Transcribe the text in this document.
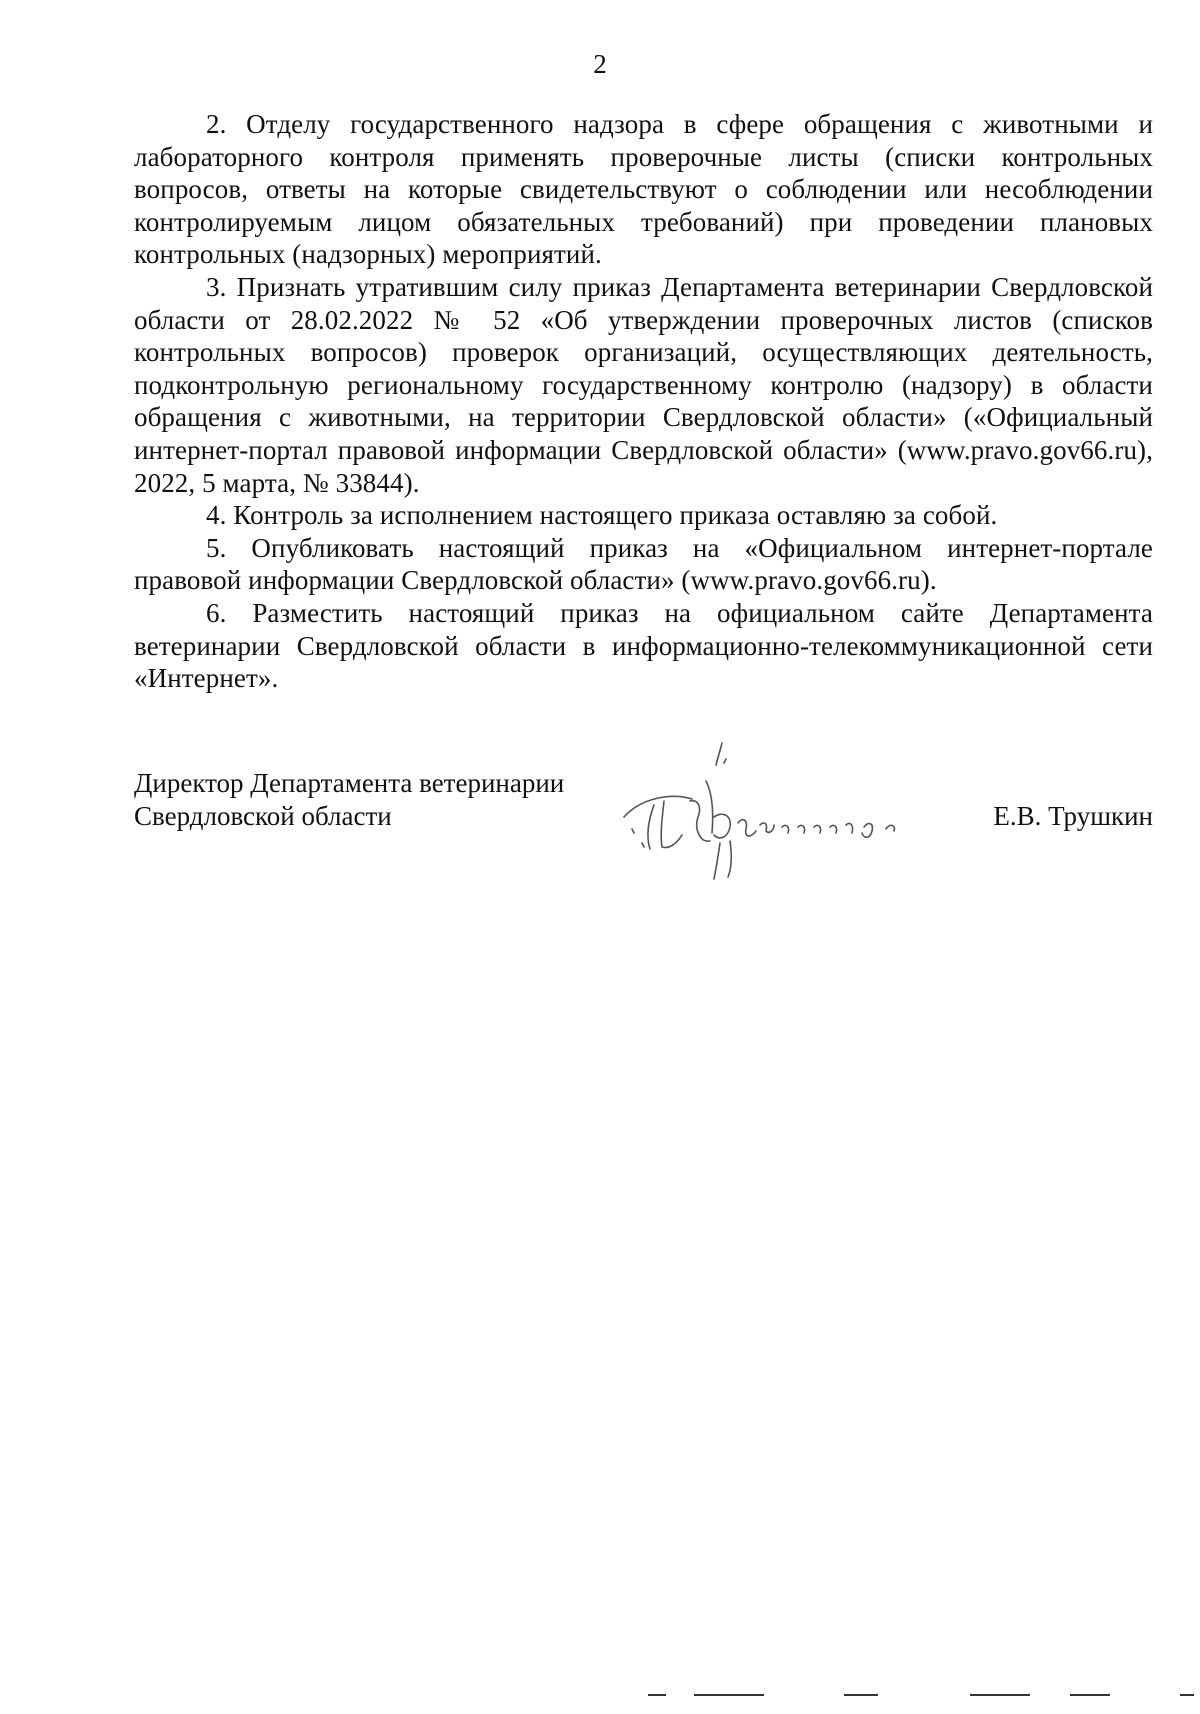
2

2. Отделу государственного надзора в сфере обращения с животными и лабораторного контроля применять проверочные листы (списки контрольных вопросов, ответы на которые свидетельствуют о соблюдении или несоблюдении контролируемым лицом обязательных требований) при проведении плановых контрольных (надзорных) мероприятий.

3. Признать утратившим силу приказ Департамента ветеринарии Свердловской области от 28.02.2022 № 52 «Об утверждении проверочных листов (списков контрольных вопросов) проверок организаций, осуществляющих деятельность, подконтрольную региональному государственному контролю (надзору) в области обращения с животными, на территории Свердловской области» («Официальный интернет-портал правовой информации Свердловской области» (www.pravo.gov66.ru), 2022, 5 марта, № 33844).

4. Контроль за исполнением настоящего приказа оставляю за собой.

5. Опубликовать настоящий приказ на «Официальном интернет-портале правовой информации Свердловской области» (www.pravo.gov66.ru).

6. Разместить настоящий приказ на официальном сайте Департамента ветеринарии Свердловской области в информационно-телекоммуникационной сети «Интернет».

Директор Департамента ветеринарии
Свердловской области	Е.В. Трушкин
